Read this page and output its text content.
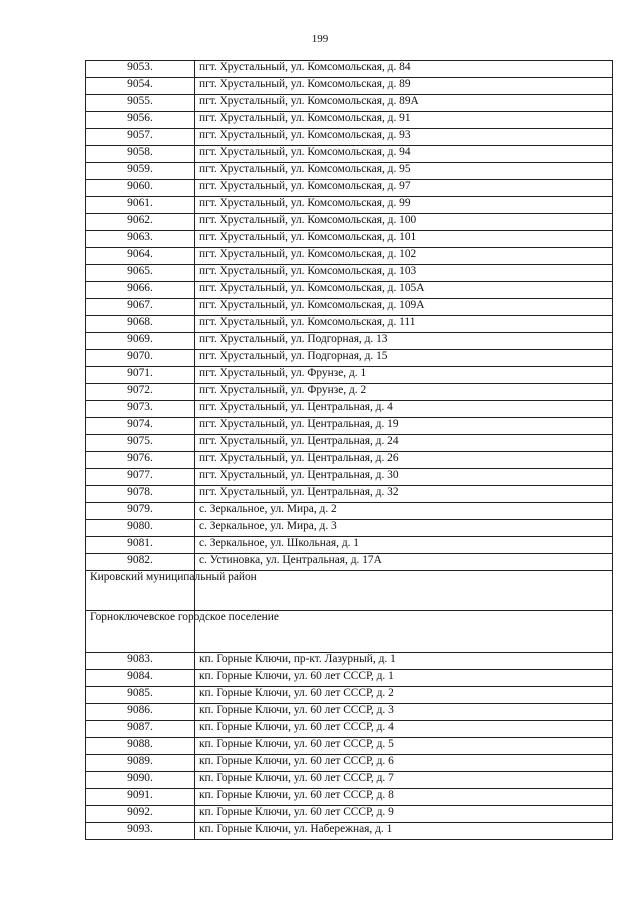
199
9053.	пгт. Хрустальный, ул. Комсомольская, д. 84
9054.	пгт. Хрустальный, ул. Комсомольская, д. 89
9055.	пгт. Хрустальный, ул. Комсомольская, д. 89А
9056.	пгт. Хрустальный, ул. Комсомольская, д. 91
9057.	пгт. Хрустальный, ул. Комсомольская, д. 93
9058.	пгт. Хрустальный, ул. Комсомольская, д. 94
9059.	пгт. Хрустальный, ул. Комсомольская, д. 95
9060.	пгт. Хрустальный, ул. Комсомольская, д. 97
9061.	пгт. Хрустальный, ул. Комсомольская, д. 99
9062.	пгт. Хрустальный, ул. Комсомольская, д. 100
9063.	пгт. Хрустальный, ул. Комсомольская, д. 101
9064.	пгт. Хрустальный, ул. Комсомольская, д. 102
9065.	пгт. Хрустальный, ул. Комсомольская, д. 103
9066.	пгт. Хрустальный, ул. Комсомольская, д. 105А
9067.	пгт. Хрустальный, ул. Комсомольская, д. 109А
9068.	пгт. Хрустальный, ул. Комсомольская, д. 111
9069.	пгт. Хрустальный, ул. Подгорная, д. 13
9070.	пгт. Хрустальный, ул. Подгорная, д. 15
9071.	пгт. Хрустальный, ул. Фрунзе, д. 1
9072.	пгт. Хрустальный, ул. Фрунзе, д. 2
9073.	пгт. Хрустальный, ул. Центральная, д. 4
9074.	пгт. Хрустальный, ул. Центральная, д. 19
9075.	пгт. Хрустальный, ул. Центральная, д. 24
9076.	пгт. Хрустальный, ул. Центральная, д. 26
9077.	пгт. Хрустальный, ул. Центральная, д. 30
9078.	пгт. Хрустальный, ул. Центральная, д. 32
9079.	с. Зеркальное, ул. Мира, д. 2
9080.	с. Зеркальное, ул. Мира, д. 3
9081.	с. Зеркальное, ул. Школьная, д. 1
9082.	с. Устиновка, ул. Центральная, д. 17А
Кировский муниципальный район	
Горноключевское городское поселение	
9083.	кп. Горные Ключи, пр-кт. Лазурный, д. 1
9084.	кп. Горные Ключи, ул. 60 лет СССР, д. 1
9085.	кп. Горные Ключи, ул. 60 лет СССР, д. 2
9086.	кп. Горные Ключи, ул. 60 лет СССР, д. 3
9087.	кп. Горные Ключи, ул. 60 лет СССР, д. 4
9088.	кп. Горные Ключи, ул. 60 лет СССР, д. 5
9089.	кп. Горные Ключи, ул. 60 лет СССР, д. 6
9090.	кп. Горные Ключи, ул. 60 лет СССР, д. 7
9091.	кп. Горные Ключи, ул. 60 лет СССР, д. 8
9092.	кп. Горные Ключи, ул. 60 лет СССР, д. 9
9093.	кп. Горные Ключи, ул. Набережная, д. 1
